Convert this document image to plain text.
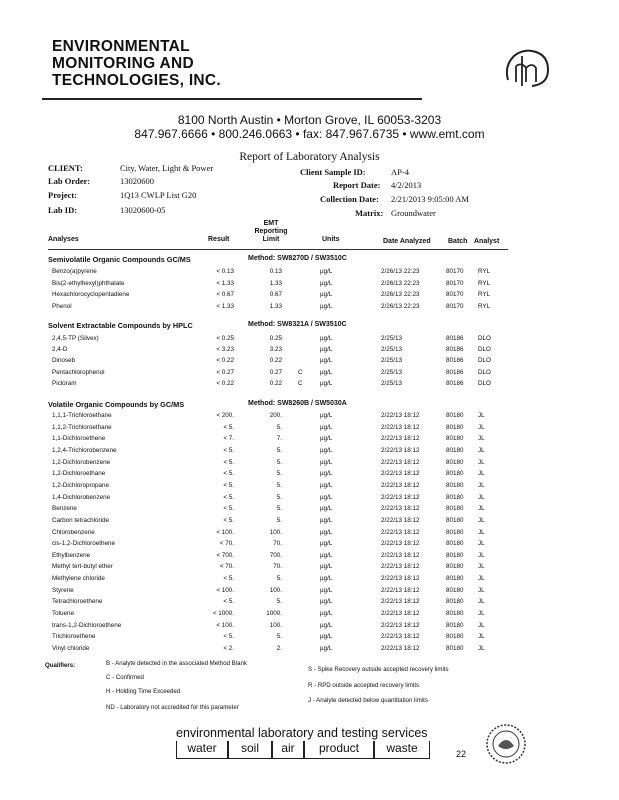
ENVIRONMENTAL
MONITORING AND
TECHNOLOGIES, INC.
8100 North Austin • Morton Grove, IL 60053-3203
847.967.6666 • 800.246.0663 • fax: 847.967.6735 • www.emt.com
Report of Laboratory Analysis
CLIENT:	City, Water, Light & Power
Lab Order:	13020600
Project:	1Q13 CWLP List G20
Lab ID:	13020600-05
Client Sample ID:	AP-4
Report Date: 4/2/2013
Collection Date: 2/21/2013 9:05:00 AM
Matrix: Groundwater
Analyses	Result
EMT
Reporting
Limit	Units	Date Analyzed Batch Analyst
Semivolatile Organic Compounds GC/MS	Method: SW8270D / SW3510C
Benzo(a)pyrene	< 0.13	0.13	µg/L	2/26/13 22:23	80170 RYL
Bis(2-ethylhexyl)phthalate	< 1.33	1.33	µg/L	2/26/13 22:23	80170 RYL
Hexachlorocyclopentadiene	< 0.67	0.67	µg/L	2/26/13 22:23	80170 RYL
Phenol	< 1.33	1.33	µg/L	2/26/13 22:23	80170 RYL
Solvent Extractable Compounds by HPLC	Method: SW8321A / SW3510C
2,4,5-TP (Silvex)	< 0.25	0.25	µg/L	2/25/13	80186 DLO
2,4-D	< 3.23	3.23	µg/L	2/25/13	80186 DLO
Dinoseb	< 0.22	0.22	µg/L	2/25/13	80186 DLO
Pentachlorophenol	< 0.27	0.27	C	µg/L	2/25/13	80186 DLO
Picloram	< 0.22	0.22	C	µg/L	2/25/13	80186 DLO
Volatile Organic Compounds by GC/MS	Method: SW8260B / SW5030A
1,1,1-Trichloroethane	< 200.	200.	µg/L	2/22/13 18:12	80180 JL
1,1,2-Trichloroethane	< 5.	5.	µg/L	2/22/13 18:12	80180 JL
1,1-Dichloroethene	< 7.	7.	µg/L	2/22/13 18:12	80180 JL
1,2,4-Trichlorobenzene	< 5.	5.	µg/L	2/22/13 18:12	80180 JL
1,2-Dichlorobenzene	< 5.	5.	µg/L	2/22/13 18:12	80180 JL
1,2-Dichloroethane	< 5.	5.	µg/L	2/22/13 18:12	80180 JL
1,2-Dichloropropane	< 5.	5.	µg/L	2/22/13 18:12	80180 JL
1,4-Dichlorobenzene	< 5.	5.	µg/L	2/22/13 18:12	80180 JL
Benzene	< 5.	5.	µg/L	2/22/13 18:12	80180 JL
Carbon tetrachloride	< 5.	5.	µg/L	2/22/13 18:12	80180 JL
Chlorobenzene	< 100.	100.	µg/L	2/22/13 18:12	80180 JL
cis-1,2-Dichloroethene	< 70.	70.	µg/L	2/22/13 18:12	80180 JL
Ethylbenzene	< 700.	700.	µg/L	2/22/13 18:12	80180 JL
Methyl tert-butyl ether	< 70.	70.	µg/L	2/22/13 18:12	80180 JL
Methylene chloride	< 5.	5.	µg/L	2/22/13 18:12	80180 JL
Styrene	< 100.	100.	µg/L	2/22/13 18:12	80180 JL
Tetrachloroethene	< 5.	5.	µg/L	2/22/13 18:12	80180 JL
Toluene	< 1000.	1000.	µg/L	2/22/13 18:12	80180 JL
trans-1,2-Dichloroethene	< 100.	100.	µg/L	2/22/13 18:12	80180 JL
Trichloroethene	< 5.	5.	µg/L	2/22/13 18:12	80180 JL
Vinyl chloride	< 2.	2.	µg/L	2/22/13 18:12	80180 JL
Qualifiers:	B - Analyte detected in the associated Method Blank
C - Confirmed
H - Holding Time Exceeded
ND - Laboratory not accredited for this parameter
S - Spike Recovery outside accepted recovery limits
R - RPD outside accepted recovery limits
J - Analyte detected below quantitation limits
environmental laboratory and testing services
water	soil	air	product	waste	22
